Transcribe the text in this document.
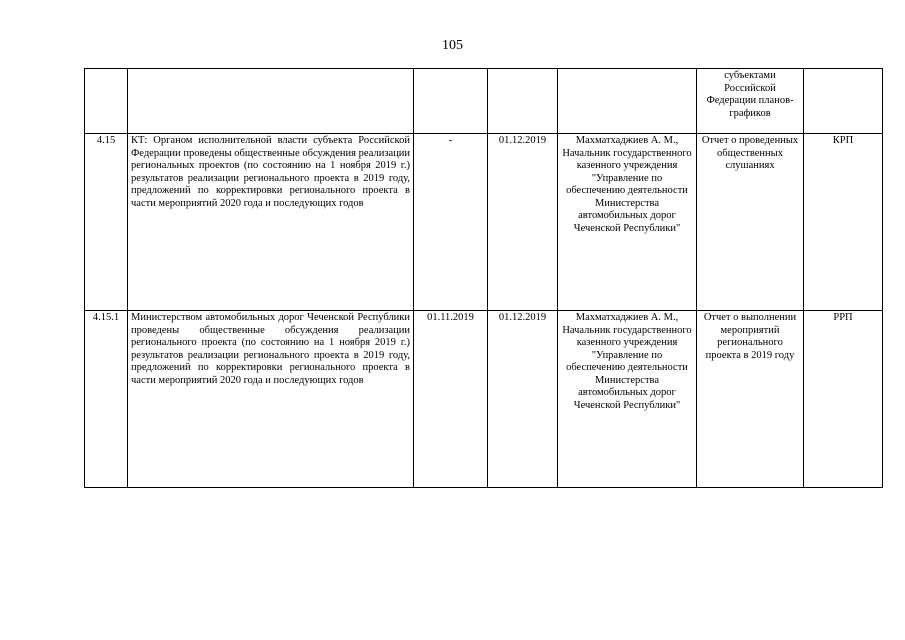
105
					субъектами Российской Федерации планов- графиков	
4.15	КТ: Органом исполнительной власти субъекта Российской Федерации проведены общественные обсуждения реализации региональных проектов (по состоянию на 1 ноября 2019 г.) результатов реализации регионального проекта в 2019 году, предложений по корректировки регионального проекта в части мероприятий 2020 года и последующих годов	-	01.12.2019	Махматхаджиев А. М., Начальник государственного казенного учреждения "Управление по обеспечению деятельности Министерства автомобильных дорог Чеченской Республики"	Отчет о проведенных общественных слушаниях	КРП
4.15.1	Министерством автомобильных дорог Чеченской Республики проведены общественные обсуждения реализации регионального проекта (по состоянию на 1 ноября 2019 г.) результатов реализации регионального проекта в 2019 году, предложений по корректировки регионального проекта в части мероприятий 2020 года и последующих годов	01.11.2019	01.12.2019	Махматхаджиев А. М., Начальник государственного казенного учреждения "Управление по обеспечению деятельности Министерства автомобильных дорог Чеченской Республики"	Отчет о выполнении мероприятий регионального проекта в 2019 году	РРП
